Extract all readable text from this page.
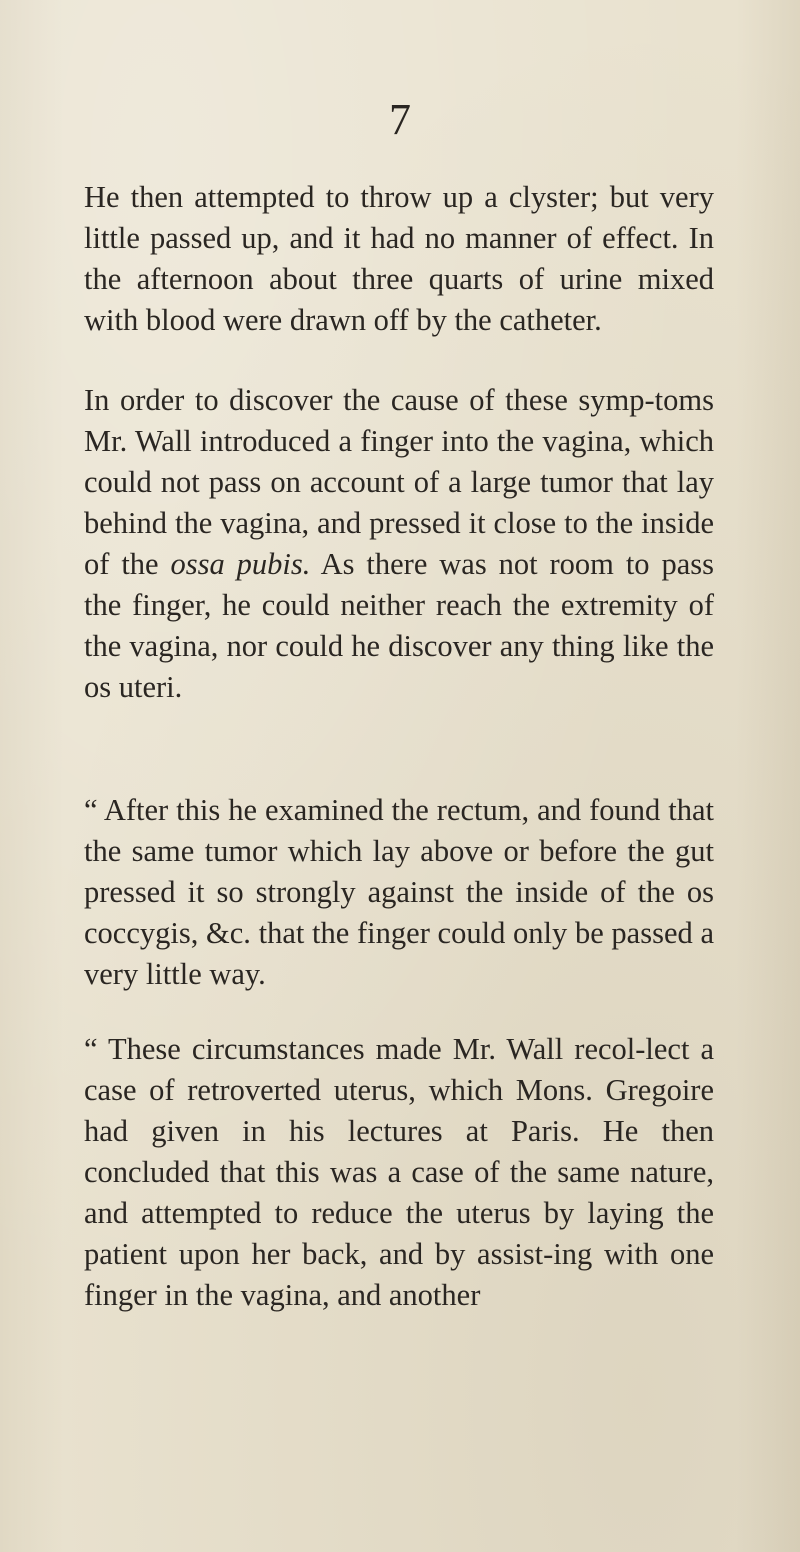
7

He then attempted to throw up a clyster; but very little passed up, and it had no manner of effect. In the afternoon about three quarts of urine mixed with blood were drawn off by the catheter.

In order to discover the cause of these symp-toms Mr. Wall introduced a finger into the vagina, which could not pass on account of a large tumor that lay behind the vagina, and pressed it close to the inside of the ossa pubis. As there was not room to pass the finger, he could neither reach the extremity of the vagina, nor could he discover any thing like the os uteri.

“ After this he examined the rectum, and found that the same tumor which lay above or before the gut pressed it so strongly against the inside of the os coccygis, &c. that the finger could only be passed a very little way.

“ These circumstances made Mr. Wall recol-lect a case of retroverted uterus, which Mons. Gregoire had given in his lectures at Paris. He then concluded that this was a case of the same nature, and attempted to reduce the uterus by laying the patient upon her back, and by assist-ing with one finger in the vagina, and another
